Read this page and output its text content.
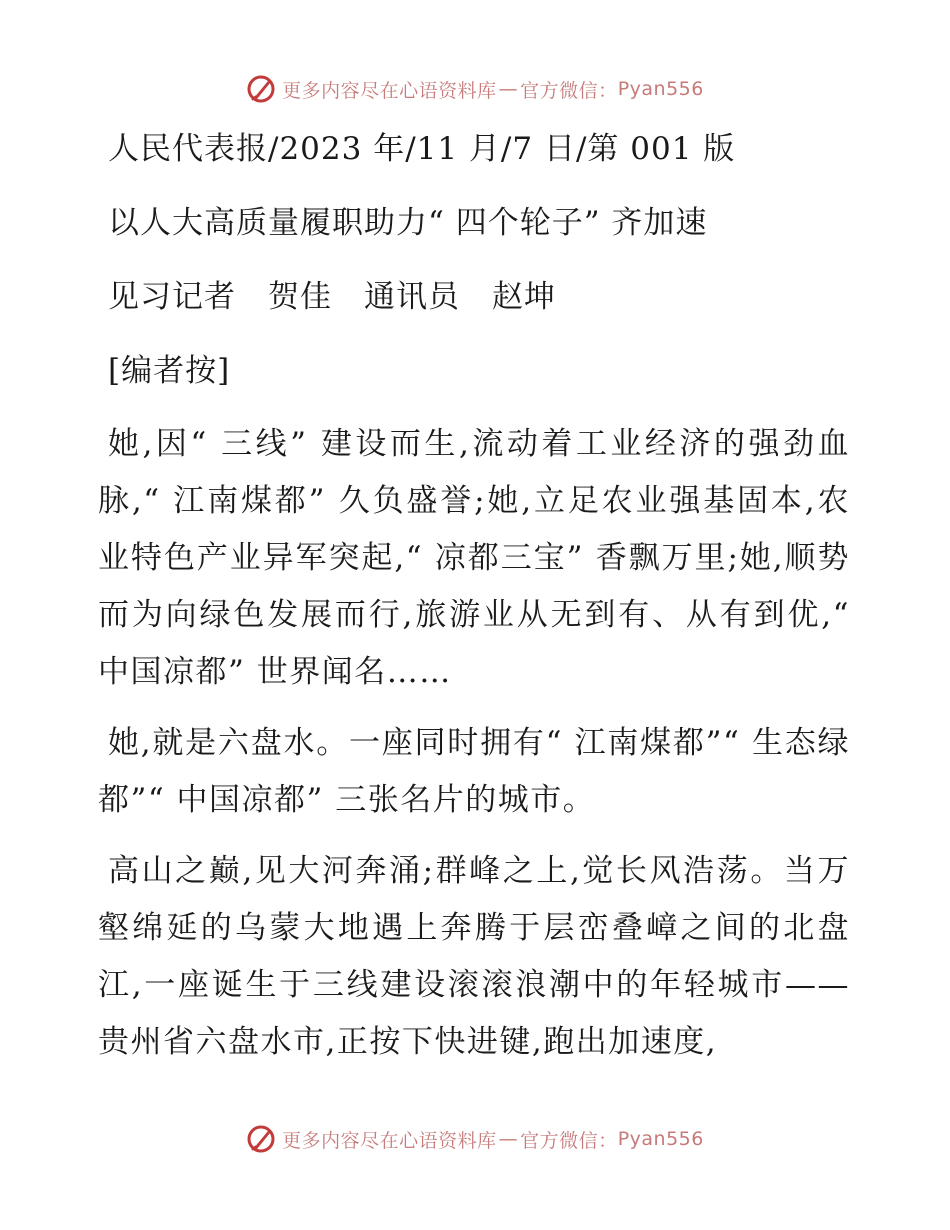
更多内容尽在心语资料库 — 官方微信： Pyan556
人民代表报/2023 年/11 月/7 日/第 001 版
以人大高质量履职助力“ 四个轮子” 齐加速
见习记者　贺佳　通讯员　赵坤
[编者按]
她,因“ 三线” 建设而生,流动着工业经济的强劲血脉,“ 江南煤都” 久负盛誉;她,立足农业强基固本,农业特色产业异军突起,“ 凉都三宝” 香飘万里;她,顺势而为向绿色发展而行,旅游业从无到有、从有到优,“ 中国凉都” 世界闻名……
她,就是六盘水。一座同时拥有“ 江南煤都”“ 生态绿都”“ 中国凉都” 三张名片的城市。
高山之巅,见大河奔涌;群峰之上,觉长风浩荡。当万壑绵延的乌蒙大地遇上奔腾于层峦叠嶂之间的北盘江,一座诞生于三线建设滚滚浪潮中的年轻城市——贵州省六盘水市,正按下快进键,跑出加速度,
更多内容尽在心语资料库 — 官方微信： Pyan556
